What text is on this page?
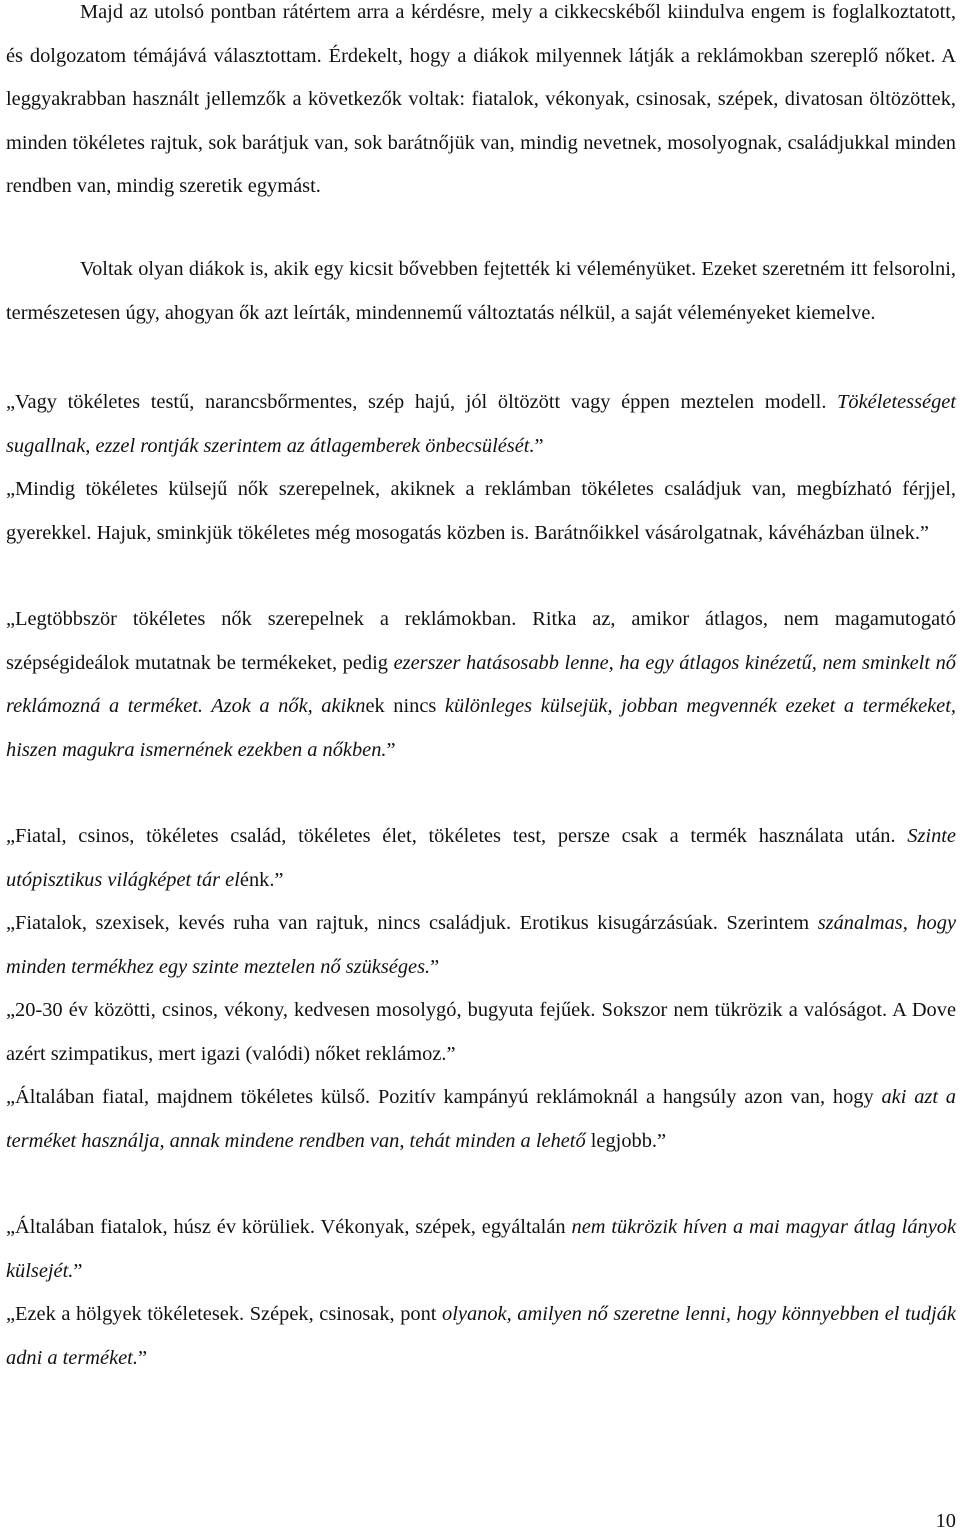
Majd az utolsó pontban rátértem arra a kérdésre, mely a cikkecskéből kiindulva engem is foglalkoztatott, és dolgozatom témájává választottam. Érdekelt, hogy a diákok milyennek látják a reklámokban szereplő nőket. A leggyakrabban használt jellemzők a következők voltak: fiatalok, vékonyak, csinosak, szépek, divatosan öltözöttek, minden tökéletes rajtuk, sok barátjuk van, sok barátnőjük van, mindig nevetnek, mosolyognak, családjukkal minden rendben van, mindig szeretik egymást.

Voltak olyan diákok is, akik egy kicsit bővebben fejtették ki véleményüket. Ezeket szeretném itt felsorolni, természetesen úgy, ahogyan ők azt leírták, mindennemű változtatás nélkül, a saját véleményeket kiemelve.

„Vagy tökéletes testű, narancsbőrmentes, szép hajú, jól öltözött vagy éppen meztelen modell. Tökéletességet sugallnak, ezzel rontják szerintem az átlagemberek önbecsülését.”

„Mindig tökéletes külsejű nők szerepelnek, akiknek a reklámban tökéletes családjuk van, megbízható férjjel, gyerekkel. Hajuk, sminkjük tökéletes még mosogatás közben is. Barátnőikkel vásárolgatnak, kávéházban ülnek.”

„Legtöbbször tökéletes nők szerepelnek a reklámokban. Ritka az, amikor átlagos, nem magamutogató szépségideálok mutatnak be termékeket, pedig ezerszer hatásosabb lenne, ha egy átlagos kinézetű, nem sminkelt nő reklámozná a terméket. Azok a nők, akiknek nincs különleges külsejük, jobban megvennék ezeket a termékeket, hiszen magukra ismernének ezekben a nőkben.”

„Fiatal, csinos, tökéletes család, tökéletes élet, tökéletes test, persze csak a termék használata után. Szinte utópisztikus világképet tár elénk.”

„Fiatalok, szexisek, kevés ruha van rajtuk, nincs családjuk. Erotikus kisugárzásúak. Szerintem szánalmas, hogy minden termékhez egy szinte meztelen nő szükséges.”

„20-30 év közötti, csinos, vékony, kedvesen mosolygó, bugyuta fejűek. Sokszor nem tükrözik a valóságot. A Dove azért szimpatikus, mert igazi (valódi) nőket reklámoz.”

„Általában fiatal, majdnem tökéletes külső. Pozitív kampányú reklámoknál a hangsúly azon van, hogy aki azt a terméket használja, annak mindene rendben van, tehát minden a lehető legjobb.”

„Általában fiatalok, húsz év körüliek. Vékonyak, szépek, egyáltalán nem tükrözik híven a mai magyar átlag lányok külsejét.”

„Ezek a hölgyek tökéletesek. Szépek, csinosak, pont olyanok, amilyen nő szeretne lenni, hogy könnyebben el tudják adni a terméket.”

10
